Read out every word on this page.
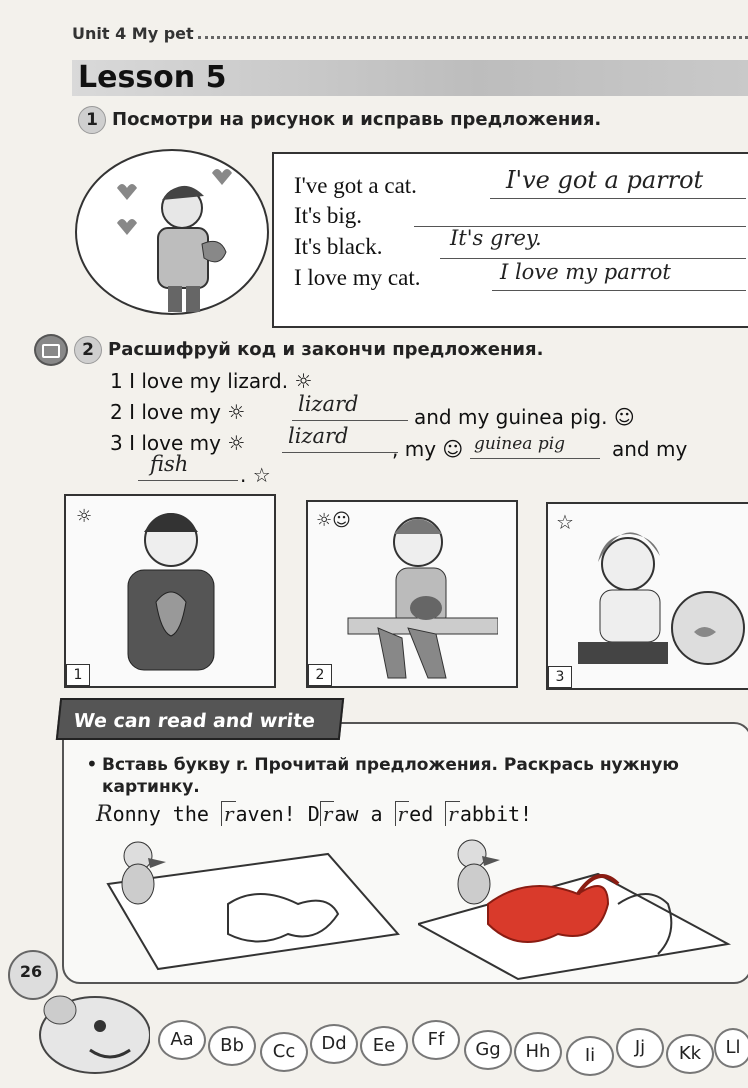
Unit 4 My pet
Lesson 5
1 Посмотри на рисунок и исправь предложения.
I've got a cat.	I've got a parrot
It's big.
It's black.	It's grey.
I love my cat.	I love my parrot
2 Расшифруй код и закончи предложения.
1 I love my lizard. ☼
2 I love my ☼	lizard
and my guinea pig. ☺
3 I love my ☼ lizard
, my ☺ guinea pig and my
fish	. ☆
☼
1
☼☺
2
☆
3
We can read and write
• Вставь букву r. Прочитай предложения. Раскрась нужную картинку.
Ronny the r aven! D r aw a r ed r abbit!
26
Aa	Bb	Cc	Dd	Ee	Ff	Gg	Hh	Ii	Jj	Kk	Ll
